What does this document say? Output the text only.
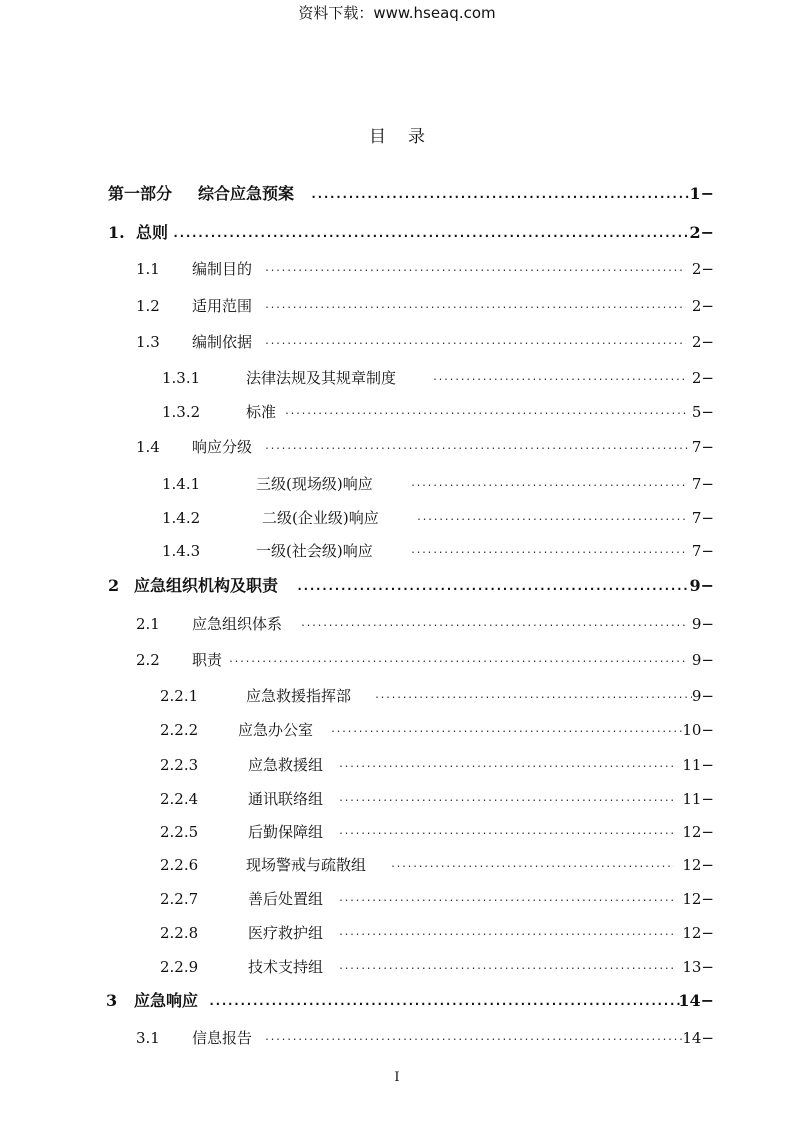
资料下载：www.hseaq.com
目录
第一部分 综合应急预案 .....	1−
1. 总则 .....	2−
1.1 编制目的 .....	2−
1.2 适用范围 .....	2−
1.3 编制依据 .....	2−
1.3.1	法律法规及其规章制度 .....	2−
1.3.2	标准 .....	5−
1.4 响应分级 .....	7−
1.4.1	三级(现场级)响应 .....	7−
1.4.2	二级(企业级)响应 .....	7−
1.4.3	一级(社会级)响应 .....	7−
2 应急组织机构及职责 .....	9−
2.1 应急组织体系 .....	9−
2.2 职责 .....	9−
2.2.1	应急救援指挥部 .....	9−
2.2.2	应急办公室 .....	10−
2.2.3	应急救援组 .....	11−
2.2.4	通讯联络组 .....	11−
2.2.5	后勤保障组 .....	12−
2.2.6	现场警戒与疏散组 .....	12−
2.2.7	善后处置组 .....	12−
2.2.8	医疗救护组 .....	12−
2.2.9	技术支持组 .....	13−
3 应急响应 .....	14−
3.1 信息报告 .....	14−
I
